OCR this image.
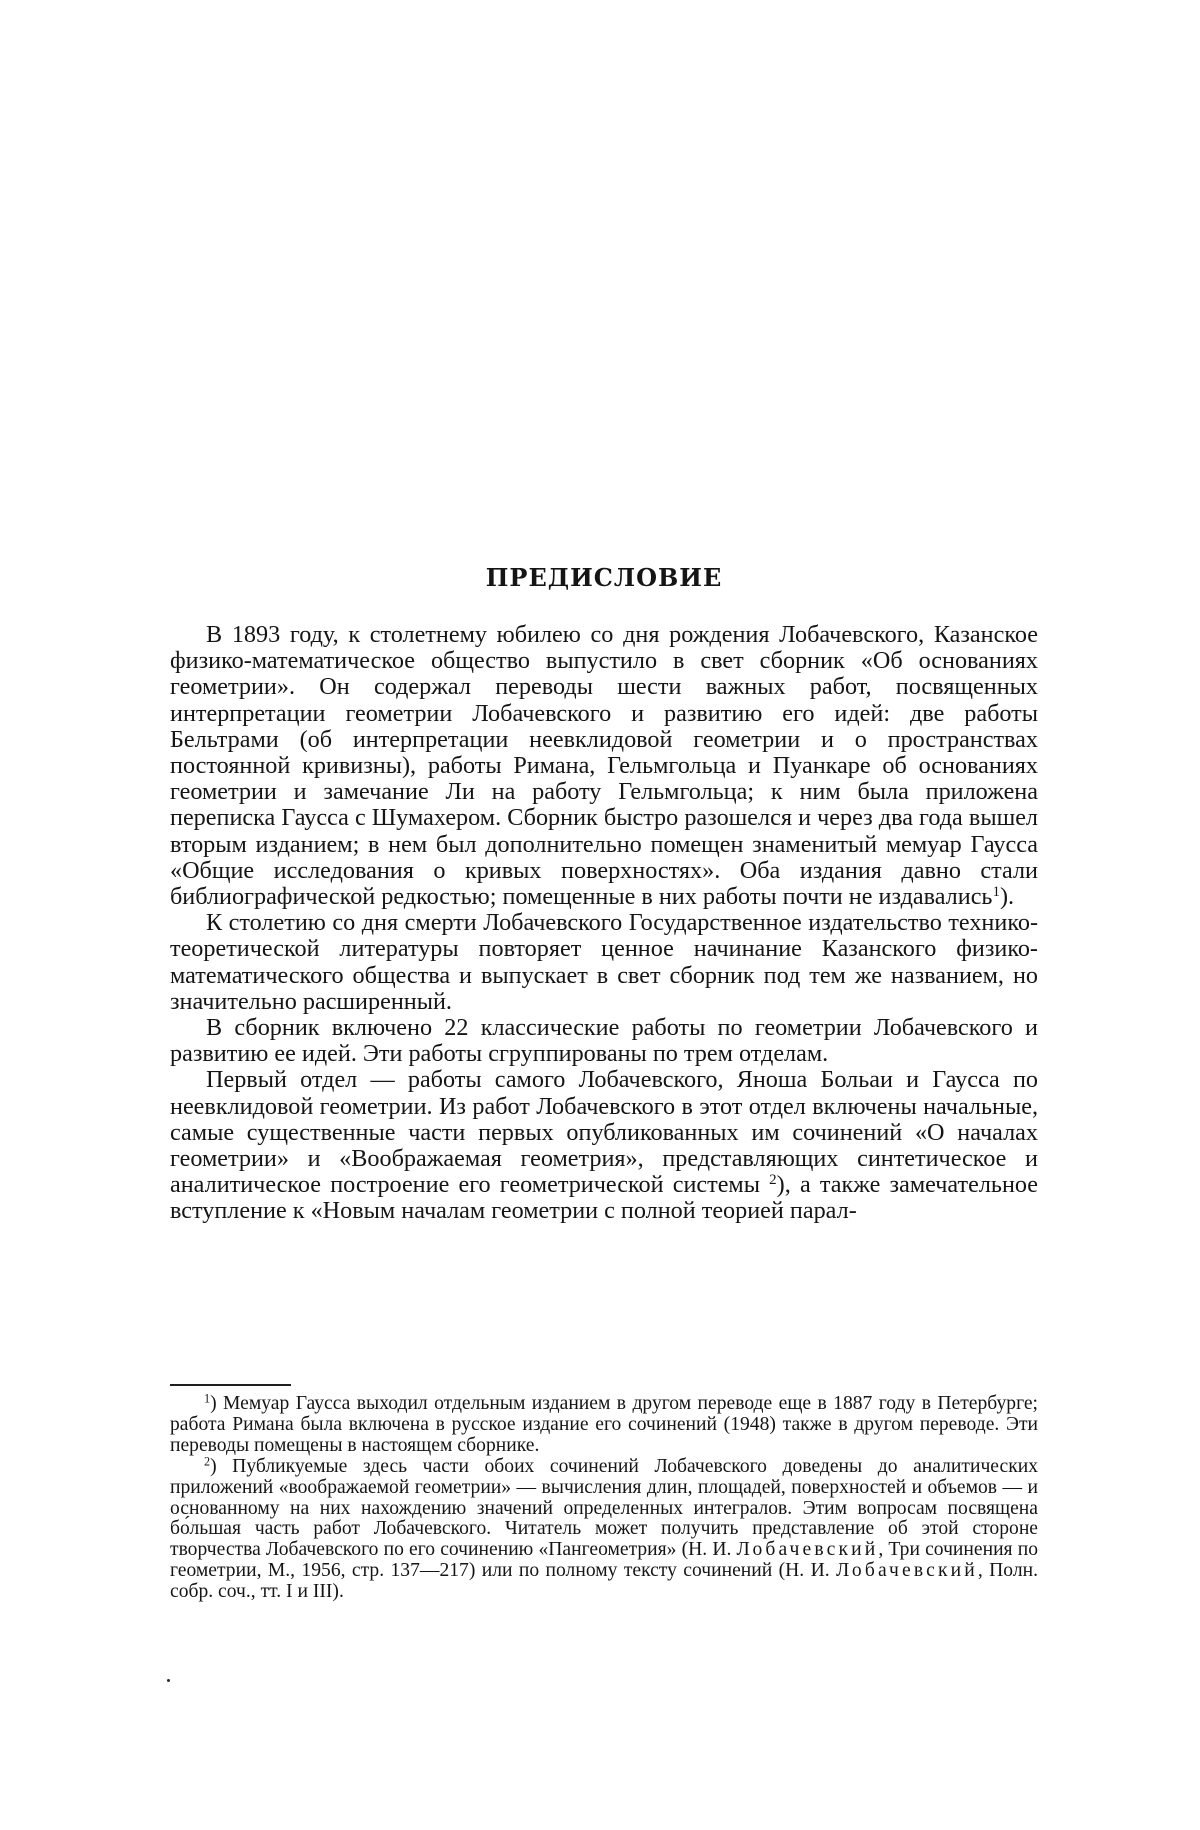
ПРЕДИСЛОВИЕ

В 1893 году, к столетнему юбилею со дня рождения Лобачевского, Казанское физико-математическое общество выпустило в свет сборник «Об основаниях геометрии». Он содержал переводы шести важных работ, посвященных интерпретации геометрии Лобачевского и развитию его идей: две работы Бельтрами (об интерпретации неевклидовой геометрии и о пространствах постоянной кривизны), работы Римана, Гельмгольца и Пуанкаре об основаниях геометрии и замечание Ли на работу Гельмгольца; к ним была приложена переписка Гаусса с Шумахером. Сборник быстро разошелся и через два года вышел вторым изданием; в нем был дополнительно помещен знаменитый мемуар Гаусса «Общие исследования о кривых поверхностях». Оба издания давно стали библиографической редкостью; помещенные в них работы почти не издавались$^1$).

К столетию со дня смерти Лобачевского Государственное издательство технико-теоретической литературы повторяет ценное начинание Казанского физико-математического общества и выпускает в свет сборник под тем же названием, но значительно расширенный.

В сборник включено 22 классические работы по геометрии Лобачевского и развитию ее идей. Эти работы сгруппированы по трем отделам.

Первый отдел — работы самого Лобачевского, Яноша Больаи и Гаусса по неевклидовой геометрии. Из работ Лобачевского в этот отдел включены начальные, самые существенные части первых опубликованных им сочинений «О началах геометрии» и «Воображаемая геометрия», представляющих синтетическое и аналитическое построение его геометрической системы $^2$), а также замечательное вступление к «Новым началам геометрии с полной теорией парал-

$^1$) Мемуар Гаусса выходил отдельным изданием в другом переводе еще в 1887 году в Петербурге; работа Римана была включена в русское издание его сочинений (1948) также в другом переводе. Эти переводы помещены в настоящем сборнике.

$^2$) Публикуемые здесь части обоих сочинений Лобачевского доведены до аналитических приложений «воображаемой геометрии» — вычисления длин, площадей, поверхностей и объемов — и основанному на них нахождению значений определенных интегралов. Этим вопросам посвящена бо́льшая часть работ Лобачевского. Читатель может получить представление об этой стороне творчества Лобачевского по его сочинению «Пангеометрия» (Н. И. Лобачевский, Три сочинения по геометрии, М., 1956, стр. 137—217) или по полному тексту сочинений (Н. И. Лобачевский, Полн. собр. соч., тт. I и III).
